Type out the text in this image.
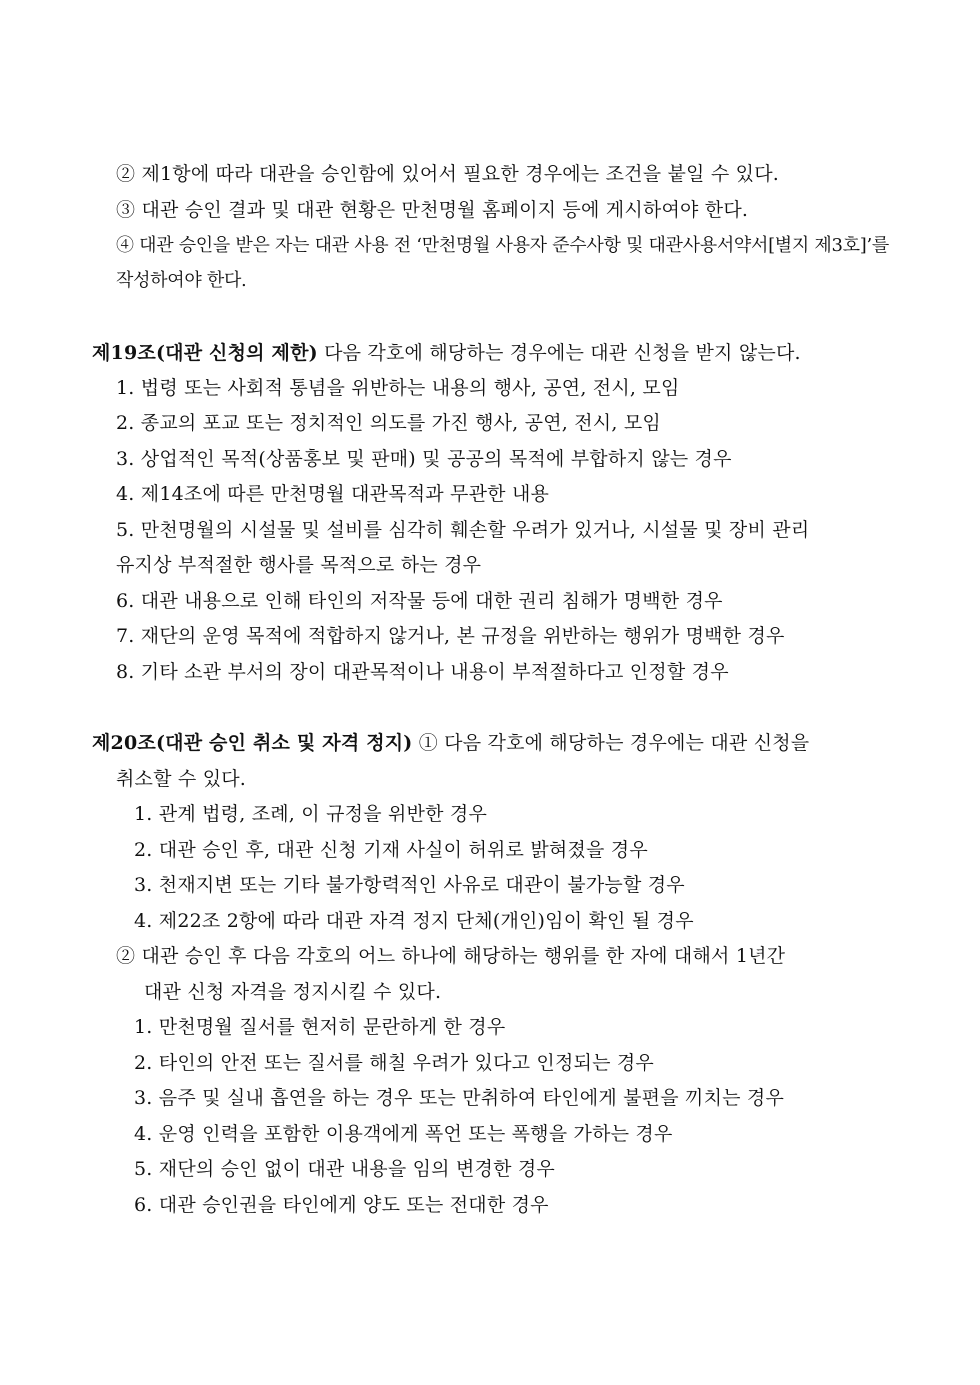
② 제1항에 따라 대관을 승인함에 있어서 필요한 경우에는 조건을 붙일 수 있다.
③ 대관 승인 결과 및 대관 현황은 만천명월 홈페이지 등에 게시하여야 한다.
④ 대관 승인을 받은 자는 대관 사용 전 ‘만천명월 사용자 준수사항 및 대관사용서약서[별지 제3호]’를
작성하여야 한다.
제19조(대관 신청의 제한) 다음 각호에 해당하는 경우에는 대관 신청을 받지 않는다.
1. 법령 또는 사회적 통념을 위반하는 내용의 행사, 공연, 전시, 모임
2. 종교의 포교 또는 정치적인 의도를 가진 행사, 공연, 전시, 모임
3. 상업적인 목적(상품홍보 및 판매) 및 공공의 목적에 부합하지 않는 경우
4. 제14조에 따른 만천명월 대관목적과 무관한 내용
5. 만천명월의 시설물 및 설비를 심각히 훼손할 우려가 있거나, 시설물 및 장비 관리
유지상 부적절한 행사를 목적으로 하는 경우
6. 대관 내용으로 인해 타인의 저작물 등에 대한 권리 침해가 명백한 경우
7. 재단의 운영 목적에 적합하지 않거나, 본 규정을 위반하는 행위가 명백한 경우
8. 기타 소관 부서의 장이 대관목적이나 내용이 부적절하다고 인정할 경우
제20조(대관 승인 취소 및 자격 정지) ① 다음 각호에 해당하는 경우에는 대관 신청을
취소할 수 있다.
1. 관계 법령, 조례, 이 규정을 위반한 경우
2. 대관 승인 후, 대관 신청 기재 사실이 허위로 밝혀졌을 경우
3. 천재지변 또는 기타 불가항력적인 사유로 대관이 불가능할 경우
4. 제22조 2항에 따라 대관 자격 정지 단체(개인)임이 확인 될 경우
② 대관 승인 후 다음 각호의 어느 하나에 해당하는 행위를 한 자에 대해서 1년간
대관 신청 자격을 정지시킬 수 있다.
1. 만천명월 질서를 현저히 문란하게 한 경우
2. 타인의 안전 또는 질서를 해칠 우려가 있다고 인정되는 경우
3. 음주 및 실내 흡연을 하는 경우 또는 만취하여 타인에게 불편을 끼치는 경우
4. 운영 인력을 포함한 이용객에게 폭언 또는 폭행을 가하는 경우
5. 재단의 승인 없이 대관 내용을 임의 변경한 경우
6. 대관 승인권을 타인에게 양도 또는 전대한 경우
